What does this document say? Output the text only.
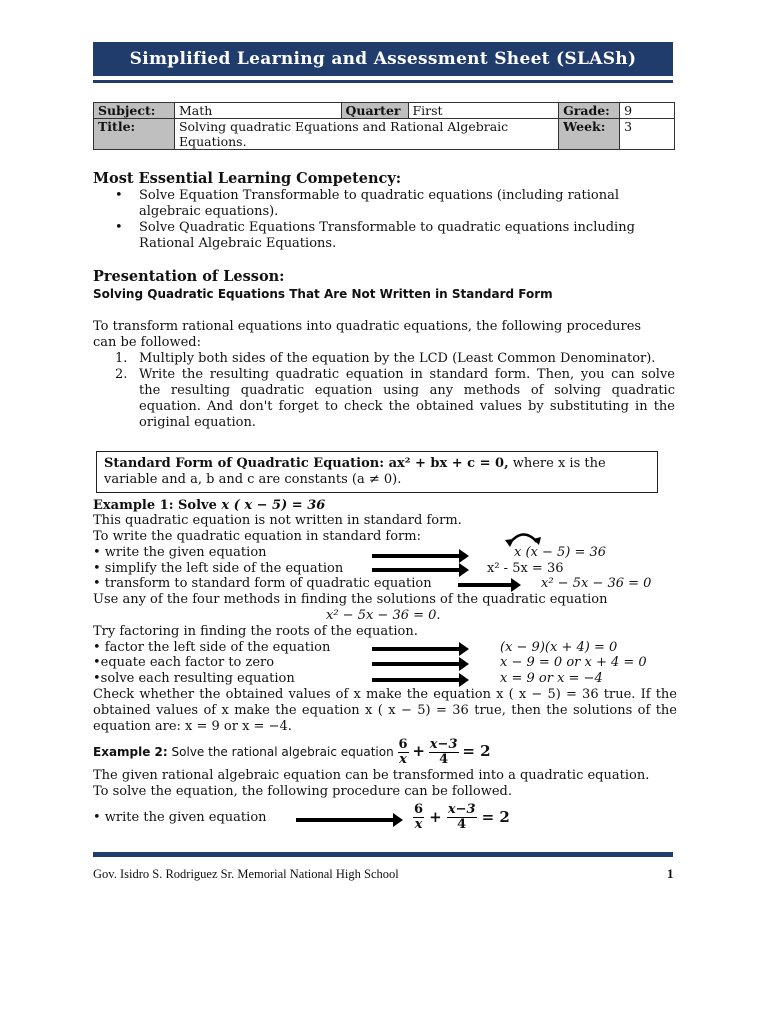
Simplified Learning and Assessment Sheet (SLASh)
Subject:	Math	Quarter	First	Grade:	9
Title:	Solving quadratic Equations and Rational Algebraic
Equations.			Week:	3
Most Essential Learning Competency:
• Solve Equation Transformable to quadratic equations (including rational
algebraic equations).
• Solve Quadratic Equations Transformable to quadratic equations including
Rational Algebraic Equations.
Presentation of Lesson:
Solving Quadratic Equations That Are Not Written in Standard Form
To transform rational equations into quadratic equations, the following procedures
can be followed:
1. Multiply both sides of the equation by the LCD (Least Common Denominator).
2. Write the resulting quadratic equation in standard form. Then, you can solve
the resulting quadratic equation using any methods of solving quadratic
equation. And don't forget to check the obtained values by substituting in the
original equation.
Standard Form of Quadratic Equation: ax² + bx + c = 0, where x is the
variable and a, b and c are constants (a ≠ 0).
Example 1: Solve x ( x − 5) = 36
This quadratic equation is not written in standard form.
To write the quadratic equation in standard form:
• write the given equation	x (x − 5) = 36
• simplify the left side of the equation	x² - 5x = 36
• transform to standard form of quadratic equation	x² − 5x − 36 = 0
Use any of the four methods in finding the solutions of the quadratic equation
x² − 5x − 36 = 0.
Try factoring in finding the roots of the equation.
• factor the left side of the equation	(x − 9)(x + 4) = 0
•equate each factor to zero	x − 9 = 0 or x + 4 = 0
•solve each resulting equation	x = 9 or x = −4
Check whether the obtained values of x make the equation x ( x − 5) = 36 true. If the
obtained values of x make the equation x ( x − 5) = 36 true, then the solutions of the
equation are: x = 9 or x = −4.
Example 2: Solve the rational algebraic equation $\frac{6}{x} + \frac{x-3}{4} = 2$
The given rational algebraic equation can be transformed into a quadratic equation.
To solve the equation, the following procedure can be followed.
• write the given equation	$\frac{6}{x} + \frac{x-3}{4} = 2$
Gov. Isidro S. Rodriguez Sr. Memorial National High School	1
